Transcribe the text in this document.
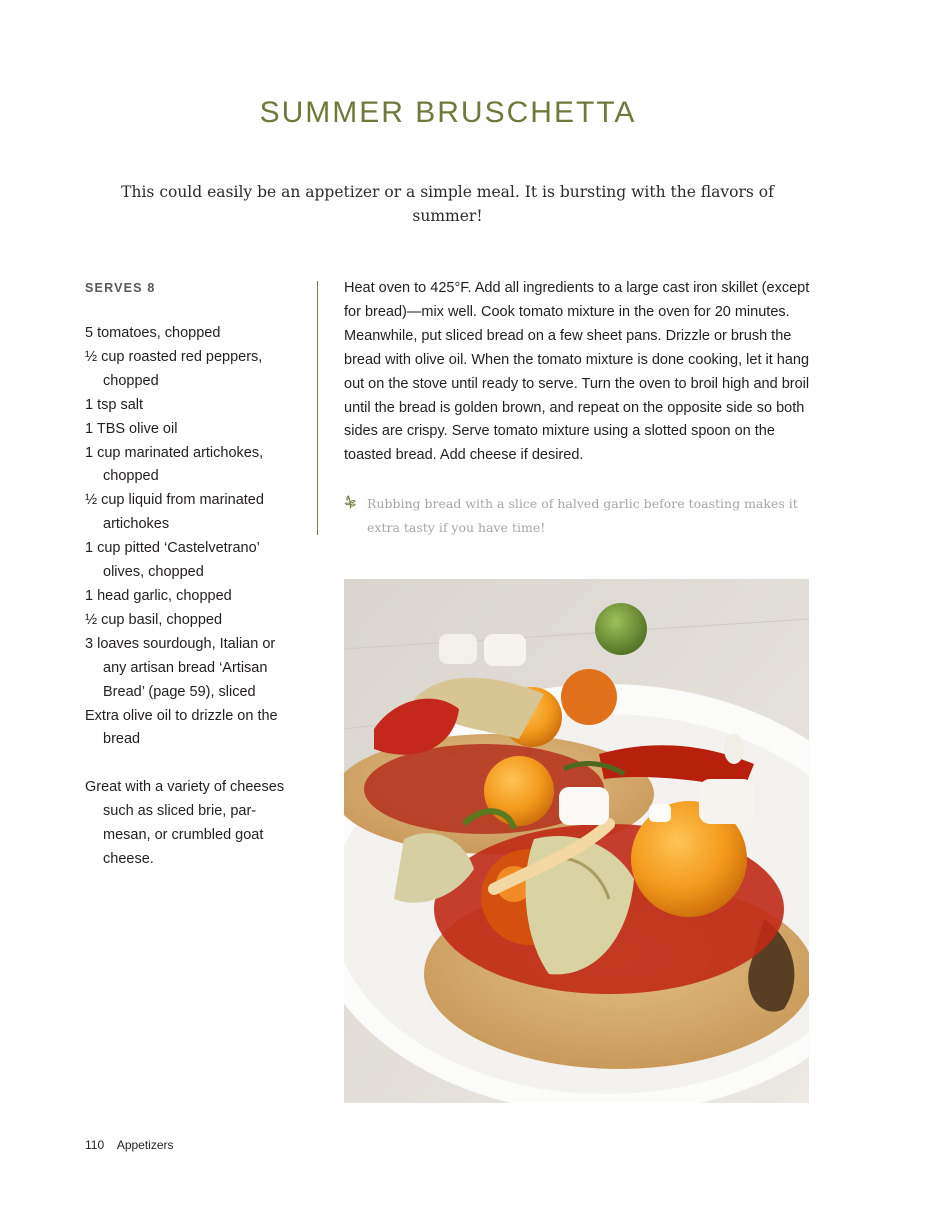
SUMMER BRUSCHETTA

This could easily be an appetizer or a simple meal. It is bursting with the flavors of summer!

SERVES 8
5 tomatoes, chopped
½ cup roasted red peppers, chopped
1 tsp salt
1 TBS olive oil
1 cup marinated artichokes, chopped
½ cup liquid from marinated artichokes
1 cup pitted ‘Castelvetrano’ olives, chopped
1 head garlic, chopped
½ cup basil, chopped
3 loaves sourdough, Italian or any artisan bread ‘Artisan Bread’ (page 59), sliced
Extra olive oil to drizzle on the bread

Great with a variety of cheeses such as sliced brie, par- mesan, or crumbled goat cheese.

Heat oven to 425°F. Add all ingredients to a large cast iron skillet (except for bread)—mix well. Cook tomato mixture in the oven for 20 minutes. Meanwhile, put sliced bread on a few sheet pans. Drizzle or brush the bread with olive oil. When the tomato mixture is done cooking, let it hang out on the stove until ready to serve. Turn the oven to broil high and broil until the bread is golden brown, and repeat on the opposite side so both sides are crispy. Serve tomato mixture using a slotted spoon on the toasted bread. Add cheese if desired.

Rubbing bread with a slice of halved garlic before toasting makes it extra tasty if you have time!

110 Appetizers
